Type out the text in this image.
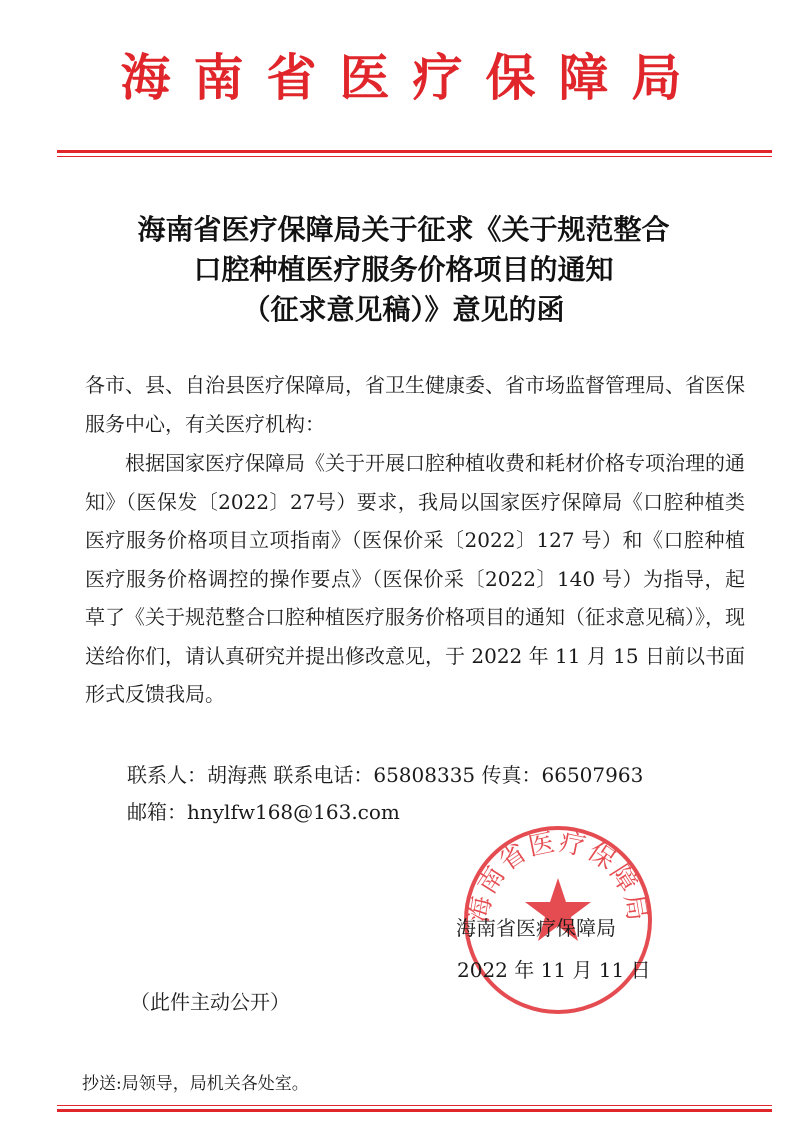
海南省医疗保障局
海南省医疗保障局关于征求《关于规范整合
口腔种植医疗服务价格项目的通知
（征求意见稿）》意见的函
各市、县、自治县医疗保障局，省卫生健康委、省市场监督管理局、省医保服务中心，有关医疗机构：
根据国家医疗保障局《关于开展口腔种植收费和耗材价格专项治理的通知》（医保发〔2022〕27号）要求，我局以国家医疗保障局《口腔种植类医疗服务价格项目立项指南》（医保价采〔2022〕127 号）和《口腔种植医疗服务价格调控的操作要点》（医保价采〔2022〕140 号）为指导，起草了《关于规范整合口腔种植医疗服务价格项目的通知（征求意见稿）》，现送给你们，请认真研究并提出修改意见，于 2022 年 11 月 15 日前以书面形式反馈我局。
联系人：胡海燕 联系电话：65808335 传真：66507963
邮箱：hnylfw168@163.com
海南省医疗保障局
海南省医疗保障局
2022 年 11 月 11 日
（此件主动公开）
抄送:局领导，局机关各处室。
